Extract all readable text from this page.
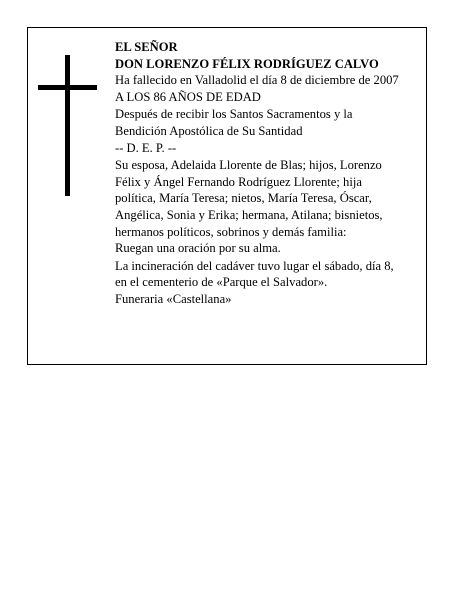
EL SEÑOR
DON LORENZO FÉLIX RODRÍGUEZ CALVO
Ha fallecido en Valladolid el día 8 de diciembre de 2007
A LOS 86 AÑOS DE EDAD
Después de recibir los Santos Sacramentos y la
Bendición Apostólica de Su Santidad
-- D. E. P. --
Su esposa, Adelaida Llorente de Blas; hijos, Lorenzo
Félix y Ángel Fernando Rodríguez Llorente; hija
política, María Teresa; nietos, María Teresa, Óscar,
Angélica, Sonia y Erika; hermana, Atilana; bisnietos,
hermanos políticos, sobrinos y demás familia:
Ruegan una oración por su alma.
La incineración del cadáver tuvo lugar el sábado, día 8,
en el cementerio de «Parque el Salvador».
Funeraria «Castellana»
